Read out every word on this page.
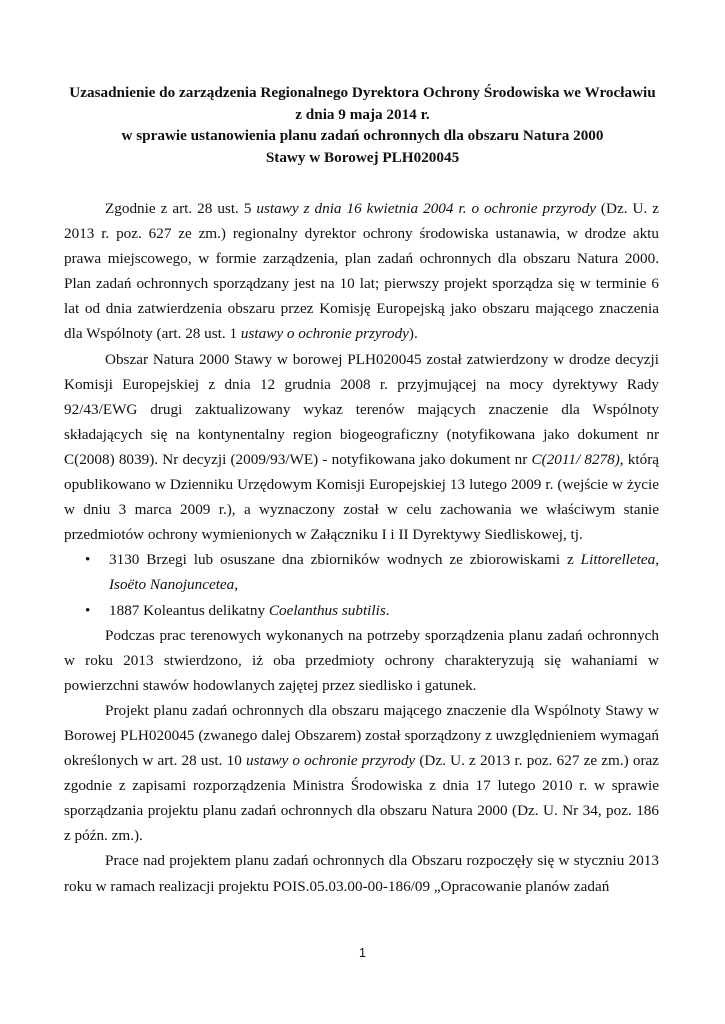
Uzasadnienie do zarządzenia Regionalnego Dyrektora Ochrony Środowiska we Wrocławiu
z dnia 9 maja 2014 r.
w sprawie ustanowienia planu zadań ochronnych dla obszaru Natura 2000
Stawy w Borowej PLH020045

Zgodnie z art. 28 ust. 5 ustawy z dnia 16 kwietnia 2004 r. o ochronie przyrody (Dz. U. z 2013 r. poz. 627 ze zm.) regionalny dyrektor ochrony środowiska ustanawia, w drodze aktu prawa miejscowego, w formie zarządzenia, plan zadań ochronnych dla obszaru Natura 2000. Plan zadań ochronnych sporządzany jest na 10 lat; pierwszy projekt sporządza się w terminie 6 lat od dnia zatwierdzenia obszaru przez Komisję Europejską jako obszaru mającego znaczenia dla Wspólnoty (art. 28 ust. 1 ustawy o ochronie przyrody).

Obszar Natura 2000 Stawy w borowej PLH020045 został zatwierdzony w drodze decyzji Komisji Europejskiej z dnia 12 grudnia 2008 r. przyjmującej na mocy dyrektywy Rady 92/43/EWG drugi zaktualizowany wykaz terenów mających znaczenie dla Wspólnoty składających się na kontynentalny region biogeograficzny (notyfikowana jako dokument nr C(2008) 8039). Nr decyzji (2009/93/WE) - notyfikowana jako dokument nr C(2011/ 8278), którą opublikowano w Dzienniku Urzędowym Komisji Europejskiej 13 lutego 2009 r. (wejście w życie w dniu 3 marca 2009 r.), a wyznaczony został w celu zachowania we właściwym stanie przedmiotów ochrony wymienionych w Załączniku I i II Dyrektywy Siedliskowej, tj.

• 3130 Brzegi lub osuszane dna zbiorników wodnych ze zbiorowiskami z Littorelletea, Isoëto Nanojuncetea,
• 1887 Koleantus delikatny Coelanthus subtilis.

Podczas prac terenowych wykonanych na potrzeby sporządzenia planu zadań ochronnych w roku 2013 stwierdzono, iż oba przedmioty ochrony charakteryzują się wahaniami w powierzchni stawów hodowlanych zajętej przez siedlisko i gatunek.

Projekt planu zadań ochronnych dla obszaru mającego znaczenie dla Wspólnoty Stawy w Borowej PLH020045 (zwanego dalej Obszarem) został sporządzony z uwzględnieniem wymagań określonych w art. 28 ust. 10 ustawy o ochronie przyrody (Dz. U. z 2013 r. poz. 627 ze zm.) oraz zgodnie z zapisami rozporządzenia Ministra Środowiska z dnia 17 lutego 2010 r. w sprawie sporządzania projektu planu zadań ochronnych dla obszaru Natura 2000 (Dz. U. Nr 34, poz. 186 z późn. zm.).

Prace nad projektem planu zadań ochronnych dla Obszaru rozpoczęły się w styczniu 2013 roku w ramach realizacji projektu POIS.05.03.00-00-186/09 „Opracowanie planów zadań

1
